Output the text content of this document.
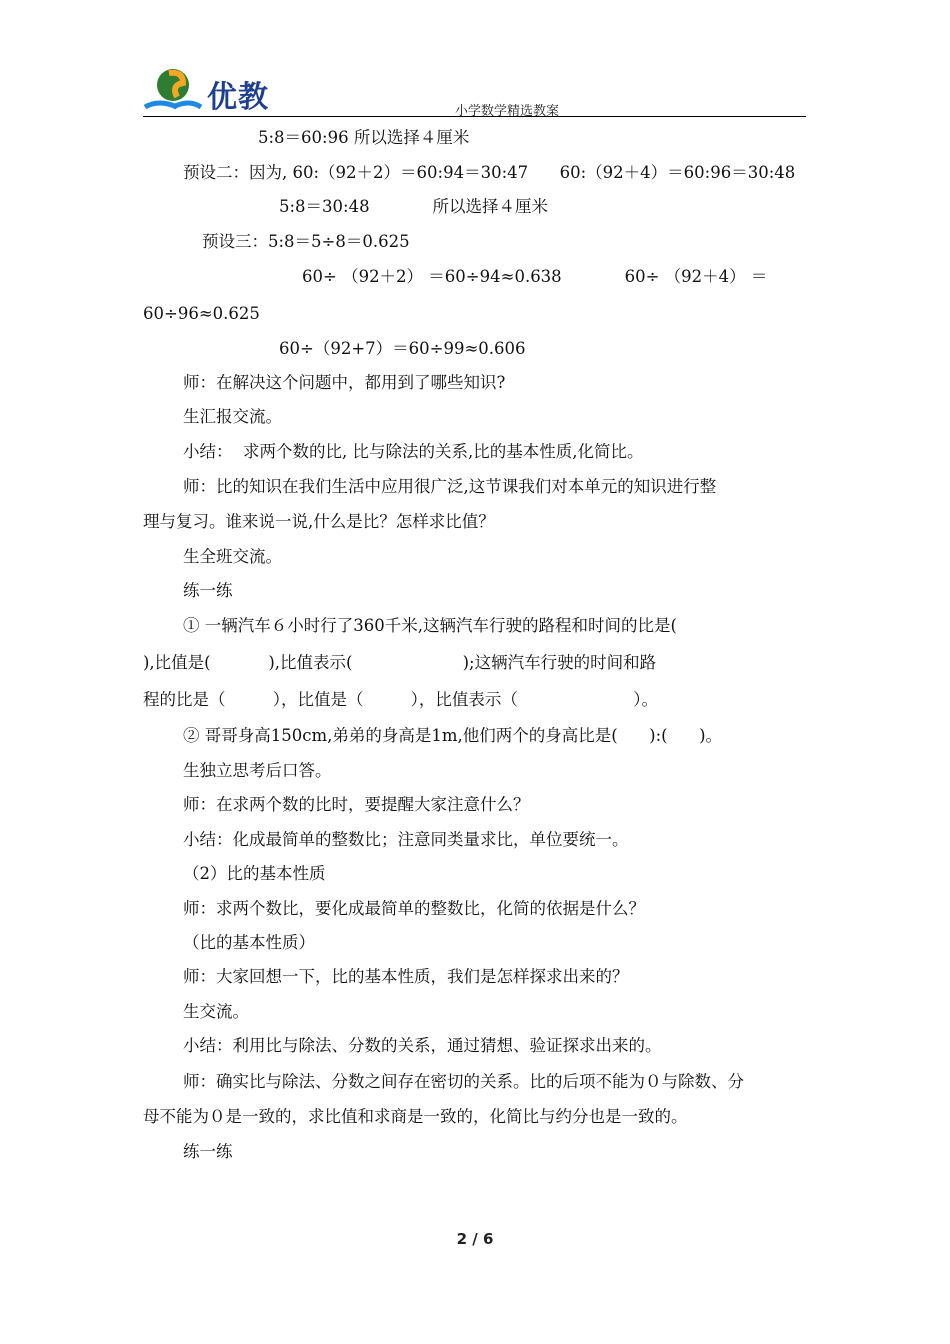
优教	小学数学精选教案
5:8＝60:96 所以选择４厘米
预设二：因为, 60:（92＋2）＝60:94＝30:47      60:（92＋4）＝60:96＝30:48
5:8＝30:48            所以选择４厘米
预设三：5:8＝5÷8＝0.625
60÷ （92＋2） ＝60÷94≈0.638            60÷ （92＋4） ＝
60÷96≈0.625
60÷（92+7）＝60÷99≈0.606
师：在解决这个问题中，都用到了哪些知识?
生汇报交流。
小结：  求两个数的比, 比与除法的关系,比的基本性质,化简比。
师：比的知识在我们生活中应用很广泛,这节课我们对本单元的知识进行整
理与复习。谁来说一说,什么是比？怎样求比值？
生全班交流。
练一练
① 一辆汽车６小时行了360千米,这辆汽车行驶的路程和时间的比是(
),比值是(           ),比值表示(                     );这辆汽车行驶的时间和路
程的比是（         ），比值是（         ），比值表示（                      ）。
② 哥哥身高150cm,弟弟的身高是1m,他们两个的身高比是(      ):(      )。
生独立思考后口答。
师：在求两个数的比时，要提醒大家注意什么？
小结：化成最简单的整数比；注意同类量求比，单位要统一。
（2）比的基本性质
师：求两个数比，要化成最简单的整数比，化简的依据是什么？
（比的基本性质）
师：大家回想一下，比的基本性质，我们是怎样探求出来的？
生交流。
小结：利用比与除法、分数的关系，通过猜想、验证探求出来的。
师：确实比与除法、分数之间存在密切的关系。比的后项不能为０与除数、分
母不能为０是一致的，求比值和求商是一致的，化简比与约分也是一致的。
练一练
2 / 6
